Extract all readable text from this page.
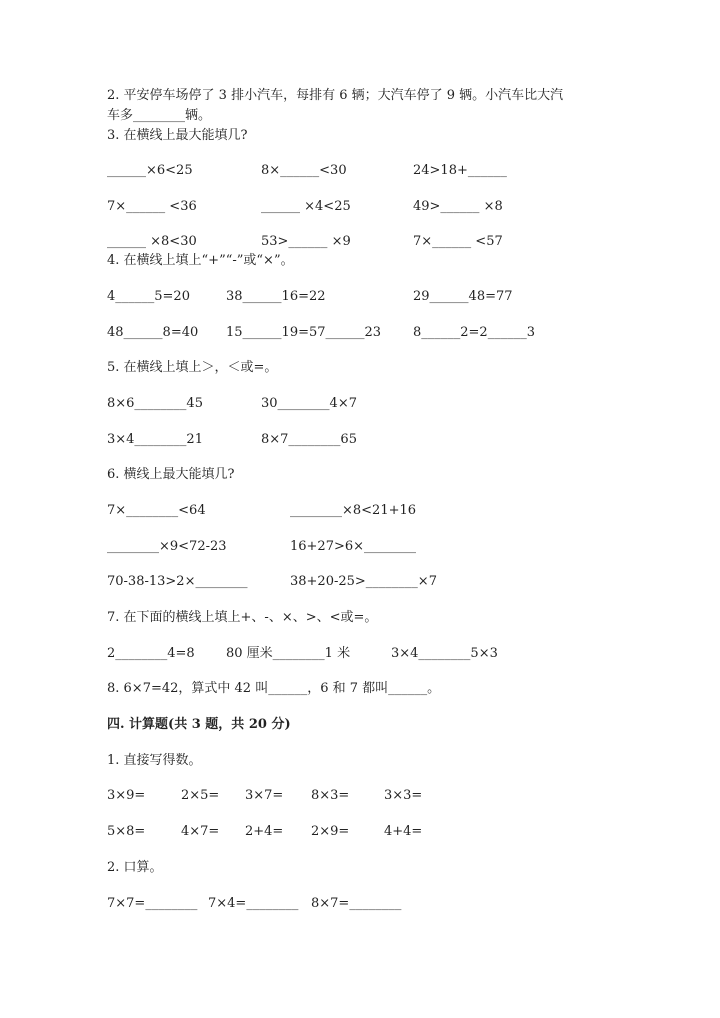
2. 平安停车场停了 3 排小汽车，每排有 6 辆；大汽车停了 9 辆。小汽车比大汽
车多________辆。
3. 在横线上最大能填几?
______×6<25	8×______<30	24>18+______
7×______ <36	______ ×4<25	49>______ ×8
______ ×8<30	53>______ ×9	7×______ <57
4. 在横线上填上“+”“-”或“×”。
4______5=20	38______16=22	29______48=77
48______8=40 15______19=57______23 8______2=2______3
5. 在横线上填上＞，＜或=。
8×6________45	30________4×7
3×4________21	8×7________65
6. 横线上最大能填几?
7×________<64	________×8<21+16
________×9<72-23	16+27>6×________
70-38-13>2×________	38+20-25>________×7
7. 在下面的横线上填上+、-、×、>、<或=。
2________4=8 80 厘米________1 米	3×4________5×3
8. 6×7=42，算式中 42 叫______，6 和 7 都叫______。
四. 计算题(共 3 题，共 20 分)
1. 直接写得数。
3×9=	2×5= 3×7= 8×3=	3×3=
5×8=	4×7= 2+4= 2×9=	4+4=
2. 口算。
7×7=________ 7×4=________ 8×7=________
